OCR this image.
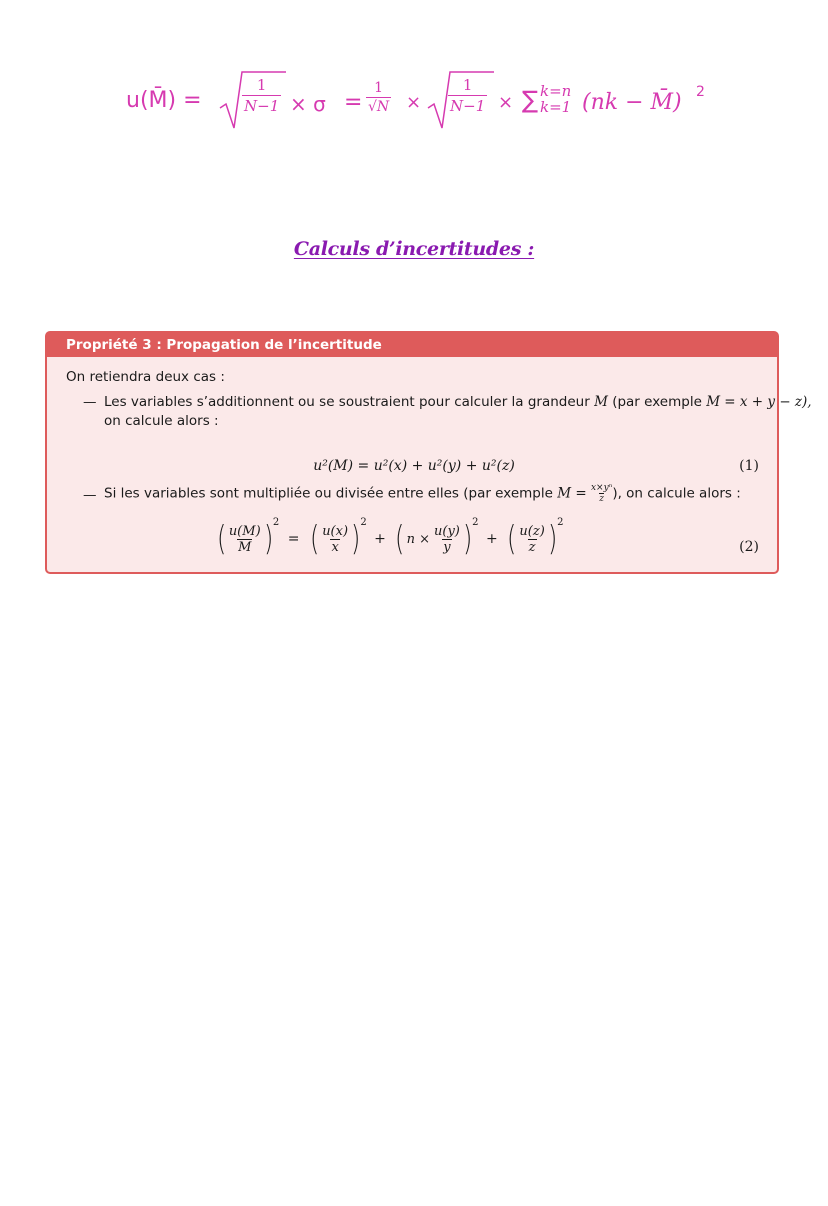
u(M̄) =	$\frac{1}{N-1} \times \sigma = \frac{1}{√N} \times \frac{1}{N-1}$ × ∑ k=n
k=1 (nk − M̄) 2
Calculs d’incertitudes :
Propriété 3 : Propagation de l’incertitude
On retiendra deux cas :
— Les variables s’additionnent ou se soustraient pour calculer la grandeur M (par exemple M = x + y − z),
on calcule alors :
u²(M) = u²(x) + u²(y) + u²(z)	(1)
— Si les variables sont multipliée ou divisée entre elles (par exemple $M = \frac{\text{x×yⁿ}}{z}$ ), on calcule alors :
( $\frac{u(M)}{M} )^2$ = ( $\frac{u(x)}{x} )^2$ + ( $n \times \frac{u(y)}{y} )^2$ + ( $\frac{u(z)}{z} )^2$
(2)
